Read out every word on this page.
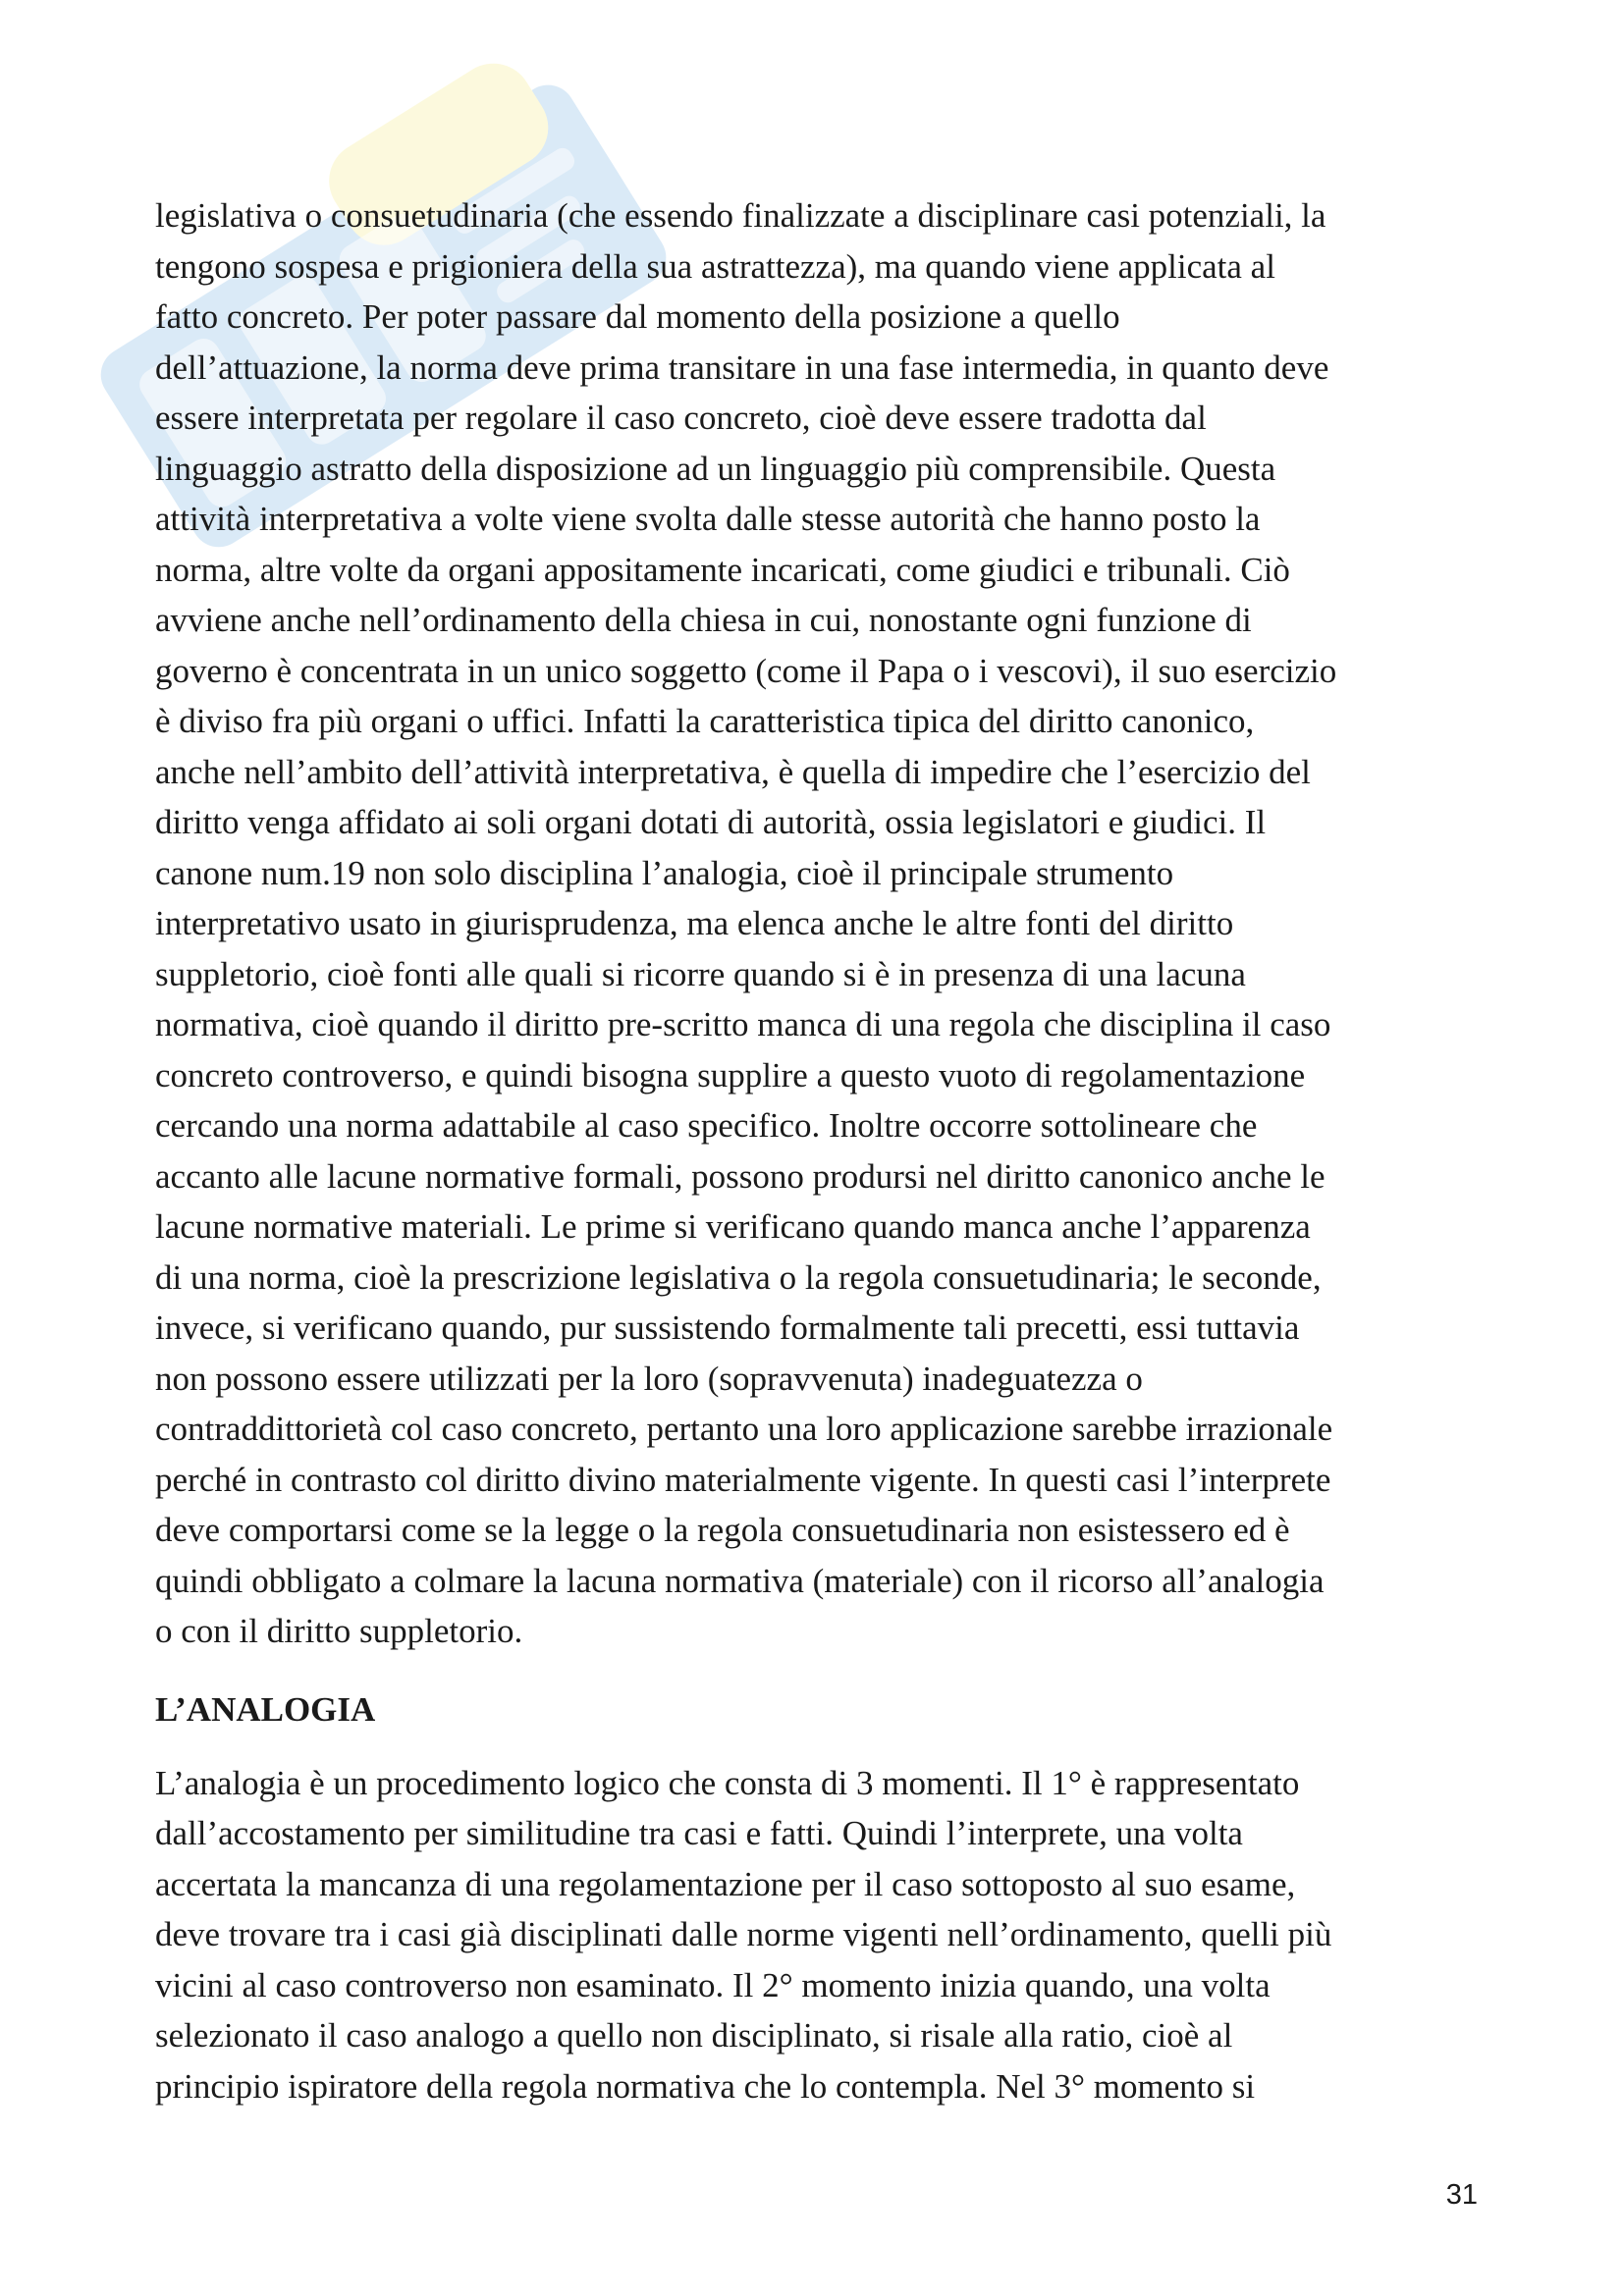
legislativa o consuetudinaria (che essendo finalizzate a disciplinare casi potenziali, la
tengono sospesa e prigioniera della sua astrattezza), ma quando viene applicata al
fatto concreto. Per poter passare dal momento della posizione a quello
dell’attuazione, la norma deve prima transitare in una fase intermedia, in quanto deve
essere interpretata per regolare il caso concreto, cioè deve essere tradotta dal
linguaggio astratto della disposizione ad un linguaggio più comprensibile. Questa
attività interpretativa a volte viene svolta dalle stesse autorità che hanno posto la
norma, altre volte da organi appositamente incaricati, come giudici e tribunali. Ciò
avviene anche nell’ordinamento della chiesa in cui, nonostante ogni funzione di
governo è concentrata in un unico soggetto (come il Papa o i vescovi), il suo esercizio
è diviso fra più organi o uffici. Infatti la caratteristica tipica del diritto canonico,
anche nell’ambito dell’attività interpretativa, è quella di impedire che l’esercizio del
diritto venga affidato ai soli organi dotati di autorità, ossia legislatori e giudici. Il
canone num.19 non solo disciplina l’analogia, cioè il principale strumento
interpretativo usato in giurisprudenza, ma elenca anche le altre fonti del diritto
suppletorio, cioè fonti alle quali si ricorre quando si è in presenza di una lacuna
normativa, cioè quando il diritto pre-scritto manca di una regola che disciplina il caso
concreto controverso, e quindi bisogna supplire a questo vuoto di regolamentazione
cercando una norma adattabile al caso specifico. Inoltre occorre sottolineare che
accanto alle lacune normative formali, possono prodursi nel diritto canonico anche le
lacune normative materiali. Le prime si verificano quando manca anche l’apparenza
di una norma, cioè la prescrizione legislativa o la regola consuetudinaria; le seconde,
invece, si verificano quando, pur sussistendo formalmente tali precetti, essi tuttavia
non possono essere utilizzati per la loro (sopravvenuta) inadeguatezza o
contraddittorietà col caso concreto, pertanto una loro applicazione sarebbe irrazionale
perché in contrasto col diritto divino materialmente vigente. In questi casi l’interprete
deve comportarsi come se la legge o la regola consuetudinaria non esistessero ed è
quindi obbligato a colmare la lacuna normativa (materiale) con il ricorso all’analogia
o con il diritto suppletorio.

L’ANALOGIA

L’analogia è un procedimento logico che consta di 3 momenti. Il 1° è rappresentato
dall’accostamento per similitudine tra casi e fatti. Quindi l’interprete, una volta
accertata la mancanza di una regolamentazione per il caso sottoposto al suo esame,
deve trovare tra i casi già disciplinati dalle norme vigenti nell’ordinamento, quelli più
vicini al caso controverso non esaminato. Il 2° momento inizia quando, una volta
selezionato il caso analogo a quello non disciplinato, si risale alla ratio, cioè al
principio ispiratore della regola normativa che lo contempla. Nel 3° momento si

31
